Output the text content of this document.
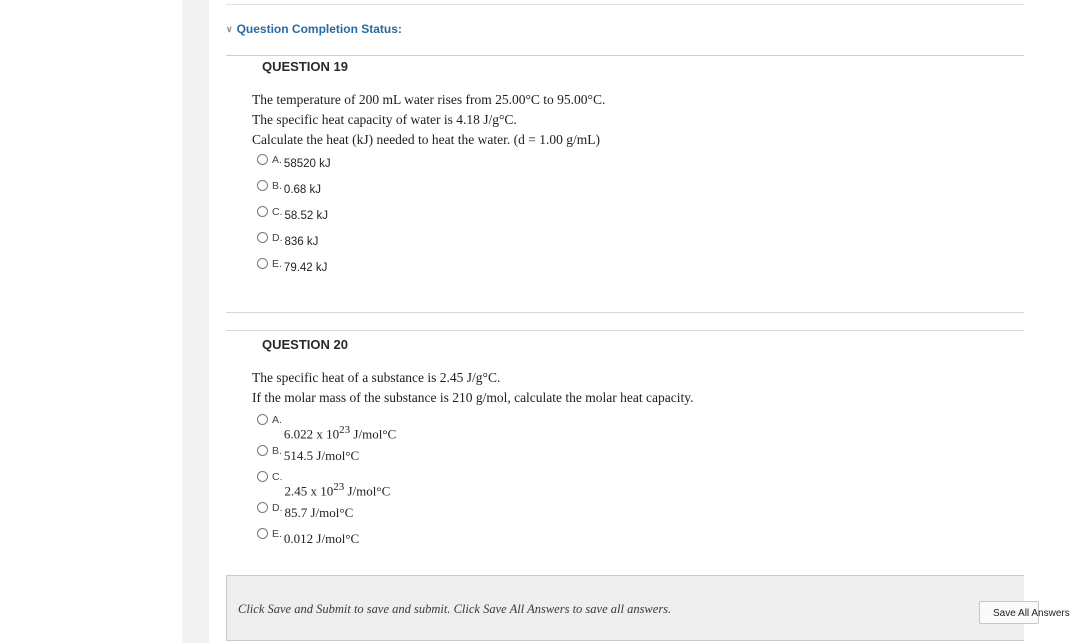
∨ Question Completion Status:
QUESTION 19
The temperature of 200 mL water rises from 25.00°C to 95.00°C.
The specific heat capacity of water is 4.18 J/g°C.
Calculate the heat (kJ) needed to heat the water. (d = 1.00 g/mL)
A. 58520 kJ
B. 0.68 kJ
C. 58.52 kJ
D. 836 kJ
E. 79.42 kJ
QUESTION 20
The specific heat of a substance is 2.45 J/g°C.
If the molar mass of the substance is 210 g/mol, calculate the molar heat capacity.
A.
6.022 x $10^{23}$ J/mol°C
B. 514.5 J/mol°C
C.
2.45 x $10^{23}$ J/mol°C
D. 85.7 J/mol°C
E. 0.012 J/mol°C
Click Save and Submit to save and submit. Click Save All Answers to save all answers.	Save All Answers
